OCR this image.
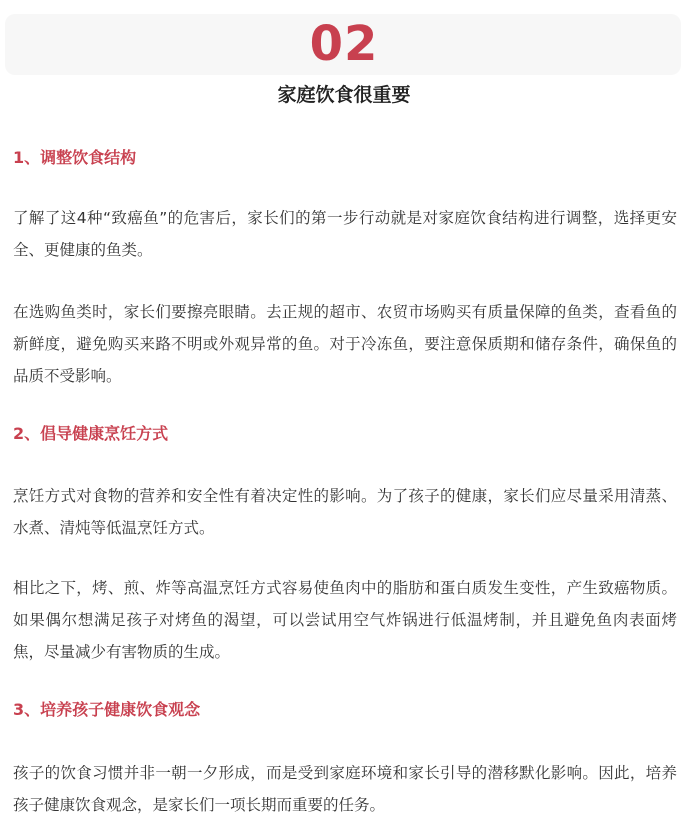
02
家庭饮食很重要
1、调整饮食结构
了解了这4种“致癌鱼”的危害后，家长们的第一步行动就是对家庭饮食结构进行调整，选择更安全、更健康的鱼类。
在选购鱼类时，家长们要擦亮眼睛。去正规的超市、农贸市场购买有质量保障的鱼类，查看鱼的新鲜度，避免购买来路不明或外观异常的鱼。对于冷冻鱼，要注意保质期和储存条件，确保鱼的品质不受影响。
2、倡导健康烹饪方式
烹饪方式对食物的营养和安全性有着决定性的影响。为了孩子的健康，家长们应尽量采用清蒸、水煮、清炖等低温烹饪方式。
相比之下，烤、煎、炸等高温烹饪方式容易使鱼肉中的脂肪和蛋白质发生变性，产生致癌物质。如果偶尔想满足孩子对烤鱼的渴望，可以尝试用空气炸锅进行低温烤制，并且避免鱼肉表面烤焦，尽量减少有害物质的生成。
3、培养孩子健康饮食观念
孩子的饮食习惯并非一朝一夕形成，而是受到家庭环境和家长引导的潜移默化影响。因此，培养孩子健康饮食观念，是家长们一项长期而重要的任务。
